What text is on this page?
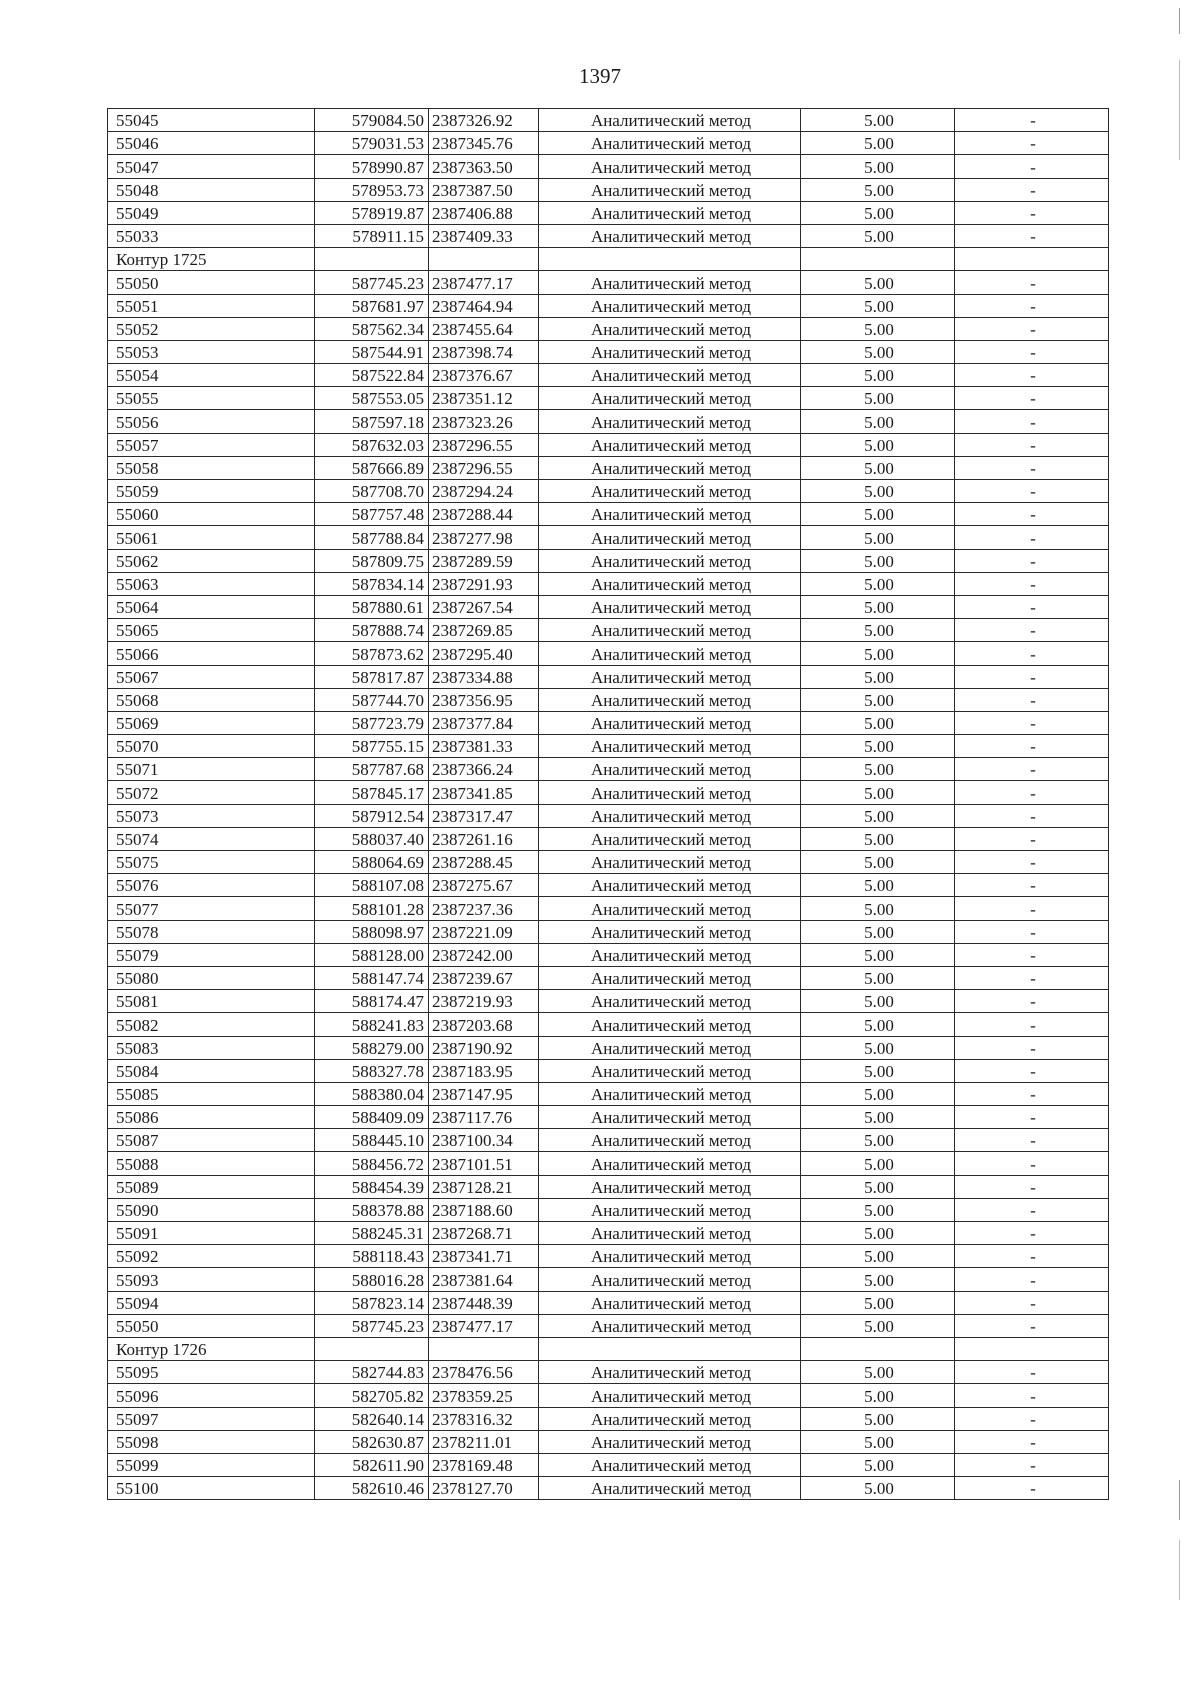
1397
55045	579084.50	2387326.92	Аналитический метод	5.00	-
55046	579031.53	2387345.76	Аналитический метод	5.00	-
55047	578990.87	2387363.50	Аналитический метод	5.00	-
55048	578953.73	2387387.50	Аналитический метод	5.00	-
55049	578919.87	2387406.88	Аналитический метод	5.00	-
55033	578911.15	2387409.33	Аналитический метод	5.00	-
Контур 1725					
55050	587745.23	2387477.17	Аналитический метод	5.00	-
55051	587681.97	2387464.94	Аналитический метод	5.00	-
55052	587562.34	2387455.64	Аналитический метод	5.00	-
55053	587544.91	2387398.74	Аналитический метод	5.00	-
55054	587522.84	2387376.67	Аналитический метод	5.00	-
55055	587553.05	2387351.12	Аналитический метод	5.00	-
55056	587597.18	2387323.26	Аналитический метод	5.00	-
55057	587632.03	2387296.55	Аналитический метод	5.00	-
55058	587666.89	2387296.55	Аналитический метод	5.00	-
55059	587708.70	2387294.24	Аналитический метод	5.00	-
55060	587757.48	2387288.44	Аналитический метод	5.00	-
55061	587788.84	2387277.98	Аналитический метод	5.00	-
55062	587809.75	2387289.59	Аналитический метод	5.00	-
55063	587834.14	2387291.93	Аналитический метод	5.00	-
55064	587880.61	2387267.54	Аналитический метод	5.00	-
55065	587888.74	2387269.85	Аналитический метод	5.00	-
55066	587873.62	2387295.40	Аналитический метод	5.00	-
55067	587817.87	2387334.88	Аналитический метод	5.00	-
55068	587744.70	2387356.95	Аналитический метод	5.00	-
55069	587723.79	2387377.84	Аналитический метод	5.00	-
55070	587755.15	2387381.33	Аналитический метод	5.00	-
55071	587787.68	2387366.24	Аналитический метод	5.00	-
55072	587845.17	2387341.85	Аналитический метод	5.00	-
55073	587912.54	2387317.47	Аналитический метод	5.00	-
55074	588037.40	2387261.16	Аналитический метод	5.00	-
55075	588064.69	2387288.45	Аналитический метод	5.00	-
55076	588107.08	2387275.67	Аналитический метод	5.00	-
55077	588101.28	2387237.36	Аналитический метод	5.00	-
55078	588098.97	2387221.09	Аналитический метод	5.00	-
55079	588128.00	2387242.00	Аналитический метод	5.00	-
55080	588147.74	2387239.67	Аналитический метод	5.00	-
55081	588174.47	2387219.93	Аналитический метод	5.00	-
55082	588241.83	2387203.68	Аналитический метод	5.00	-
55083	588279.00	2387190.92	Аналитический метод	5.00	-
55084	588327.78	2387183.95	Аналитический метод	5.00	-
55085	588380.04	2387147.95	Аналитический метод	5.00	-
55086	588409.09	2387117.76	Аналитический метод	5.00	-
55087	588445.10	2387100.34	Аналитический метод	5.00	-
55088	588456.72	2387101.51	Аналитический метод	5.00	-
55089	588454.39	2387128.21	Аналитический метод	5.00	-
55090	588378.88	2387188.60	Аналитический метод	5.00	-
55091	588245.31	2387268.71	Аналитический метод	5.00	-
55092	588118.43	2387341.71	Аналитический метод	5.00	-
55093	588016.28	2387381.64	Аналитический метод	5.00	-
55094	587823.14	2387448.39	Аналитический метод	5.00	-
55050	587745.23	2387477.17	Аналитический метод	5.00	-
Контур 1726					
55095	582744.83	2378476.56	Аналитический метод	5.00	-
55096	582705.82	2378359.25	Аналитический метод	5.00	-
55097	582640.14	2378316.32	Аналитический метод	5.00	-
55098	582630.87	2378211.01	Аналитический метод	5.00	-
55099	582611.90	2378169.48	Аналитический метод	5.00	-
55100	582610.46	2378127.70	Аналитический метод	5.00	-
